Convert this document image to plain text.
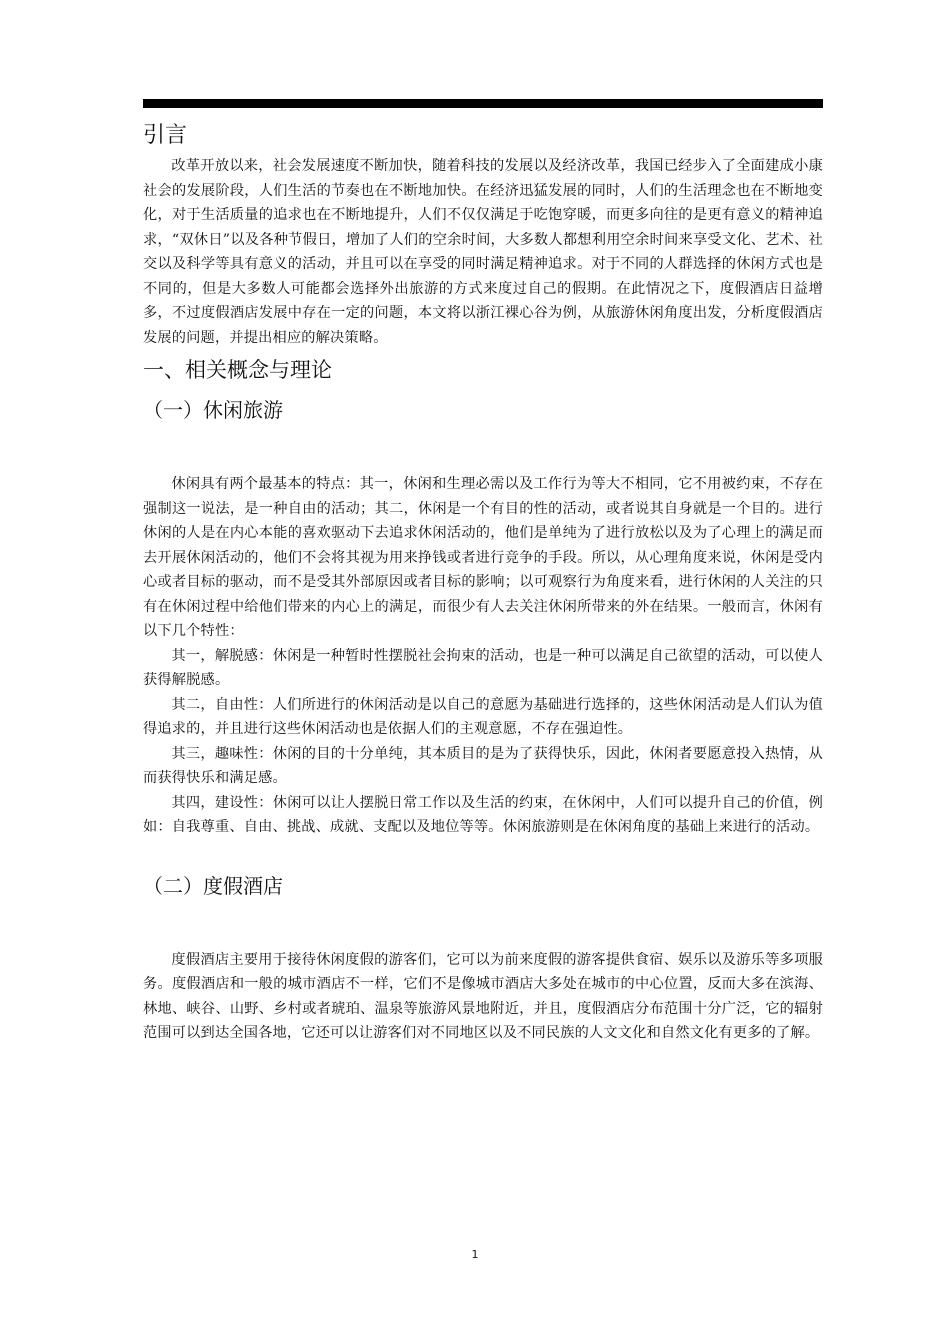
引言

改革开放以来，社会发展速度不断加快，随着科技的发展以及经济改革，我国已经步入了全面建成小康社会的发展阶段，人们生活的节奏也在不断地加快。在经济迅猛发展的同时，人们的生活理念也在不断地变化，对于生活质量的追求也在不断地提升，人们不仅仅满足于吃饱穿暖，而更多向往的是更有意义的精神追求，“双休日”以及各种节假日，增加了人们的空余时间，大多数人都想利用空余时间来享受文化、艺术、社交以及科学等具有意义的活动，并且可以在享受的同时满足精神追求。对于不同的人群选择的休闲方式也是不同的，但是大多数人可能都会选择外出旅游的方式来度过自己的假期。在此情况之下，度假酒店日益增多，不过度假酒店发展中存在一定的问题，本文将以浙江裸心谷为例，从旅游休闲角度出发，分析度假酒店发展的问题，并提出相应的解决策略。

一、相关概念与理论
（一）休闲旅游

休闲具有两个最基本的特点：其一，休闲和生理必需以及工作行为等大不相同，它不用被约束，不存在强制这一说法，是一种自由的活动；其二，休闲是一个有目的性的活动，或者说其自身就是一个目的。进行休闲的人是在内心本能的喜欢驱动下去追求休闲活动的，他们是单纯为了进行放松以及为了心理上的满足而去开展休闲活动的，他们不会将其视为用来挣钱或者进行竞争的手段。所以，从心理角度来说，休闲是受内心或者目标的驱动，而不是受其外部原因或者目标的影响；以可观察行为角度来看，进行休闲的人关注的只有在休闲过程中给他们带来的内心上的满足，而很少有人去关注休闲所带来的外在结果。一般而言，休闲有以下几个特性：

其一，解脱感：休闲是一种暂时性摆脱社会拘束的活动，也是一种可以满足自己欲望的活动，可以使人获得解脱感。

其二，自由性：人们所进行的休闲活动是以自己的意愿为基础进行选择的，这些休闲活动是人们认为值得追求的，并且进行这些休闲活动也是依据人们的主观意愿，不存在强迫性。

其三，趣味性：休闲的目的十分单纯，其本质目的是为了获得快乐，因此，休闲者要愿意投入热情，从而获得快乐和满足感。

其四，建设性：休闲可以让人摆脱日常工作以及生活的约束，在休闲中，人们可以提升自己的价值，例如：自我尊重、自由、挑战、成就、支配以及地位等等。休闲旅游则是在休闲角度的基础上来进行的活动。

（二）度假酒店

度假酒店主要用于接待休闲度假的游客们，它可以为前来度假的游客提供食宿、娱乐以及游乐等多项服务。度假酒店和一般的城市酒店不一样，它们不是像城市酒店大多处在城市的中心位置，反而大多在滨海、林地、峡谷、山野、乡村或者琥珀、温泉等旅游风景地附近，并且，度假酒店分布范围十分广泛，它的辐射范围可以到达全国各地，它还可以让游客们对不同地区以及不同民族的人文文化和自然文化有更多的了解。

1
